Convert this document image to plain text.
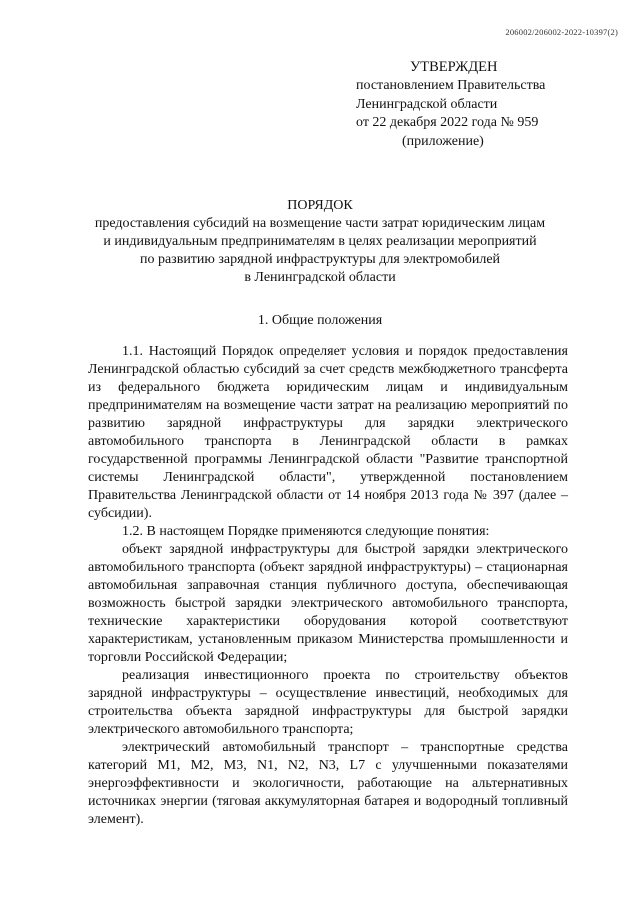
206002/206002-2022-10397(2)
УТВЕРЖДЕН
постановлением Правительства
Ленинградской области
от 22 декабря 2022 года № 959
(приложение)
ПОРЯДОК
предоставления субсидий на возмещение части затрат юридическим лицам
и индивидуальным предпринимателям в целях реализации мероприятий
по развитию зарядной инфраструктуры для электромобилей
в Ленинградской области
1. Общие положения

1.1. Настоящий Порядок определяет условия и порядок предоставления Ленинградской областью субсидий за счет средств межбюджетного трансферта из федерального бюджета юридическим лицам и индивидуальным предпринимателям на возмещение части затрат на реализацию мероприятий по развитию зарядной инфраструктуры для зарядки электрического автомобильного транспорта в Ленинградской области в рамках государственной программы Ленинградской области "Развитие транспортной системы Ленинградской области", утвержденной постановлением Правительства Ленинградской области от 14 ноября 2013 года № 397 (далее – субсидии).

1.2. В настоящем Порядке применяются следующие понятия:

объект зарядной инфраструктуры для быстрой зарядки электрического автомобильного транспорта (объект зарядной инфраструктуры) – стационарная автомобильная заправочная станция публичного доступа, обеспечивающая возможность быстрой зарядки электрического автомобильного транспорта, технические характеристики оборудования которой соответствуют характеристикам, установленным приказом Министерства промышленности и торговли Российской Федерации;

реализация инвестиционного проекта по строительству объектов зарядной инфраструктуры – осуществление инвестиций, необходимых для строительства объекта зарядной инфраструктуры для быстрой зарядки электрического автомобильного транспорта;

электрический автомобильный транспорт – транспортные средства категорий М1, М2, М3, N1, N2, N3, L7 с улучшенными показателями энергоэффективности и экологичности, работающие на альтернативных источниках энергии (тяговая аккумуляторная батарея и водородный топливный элемент).
